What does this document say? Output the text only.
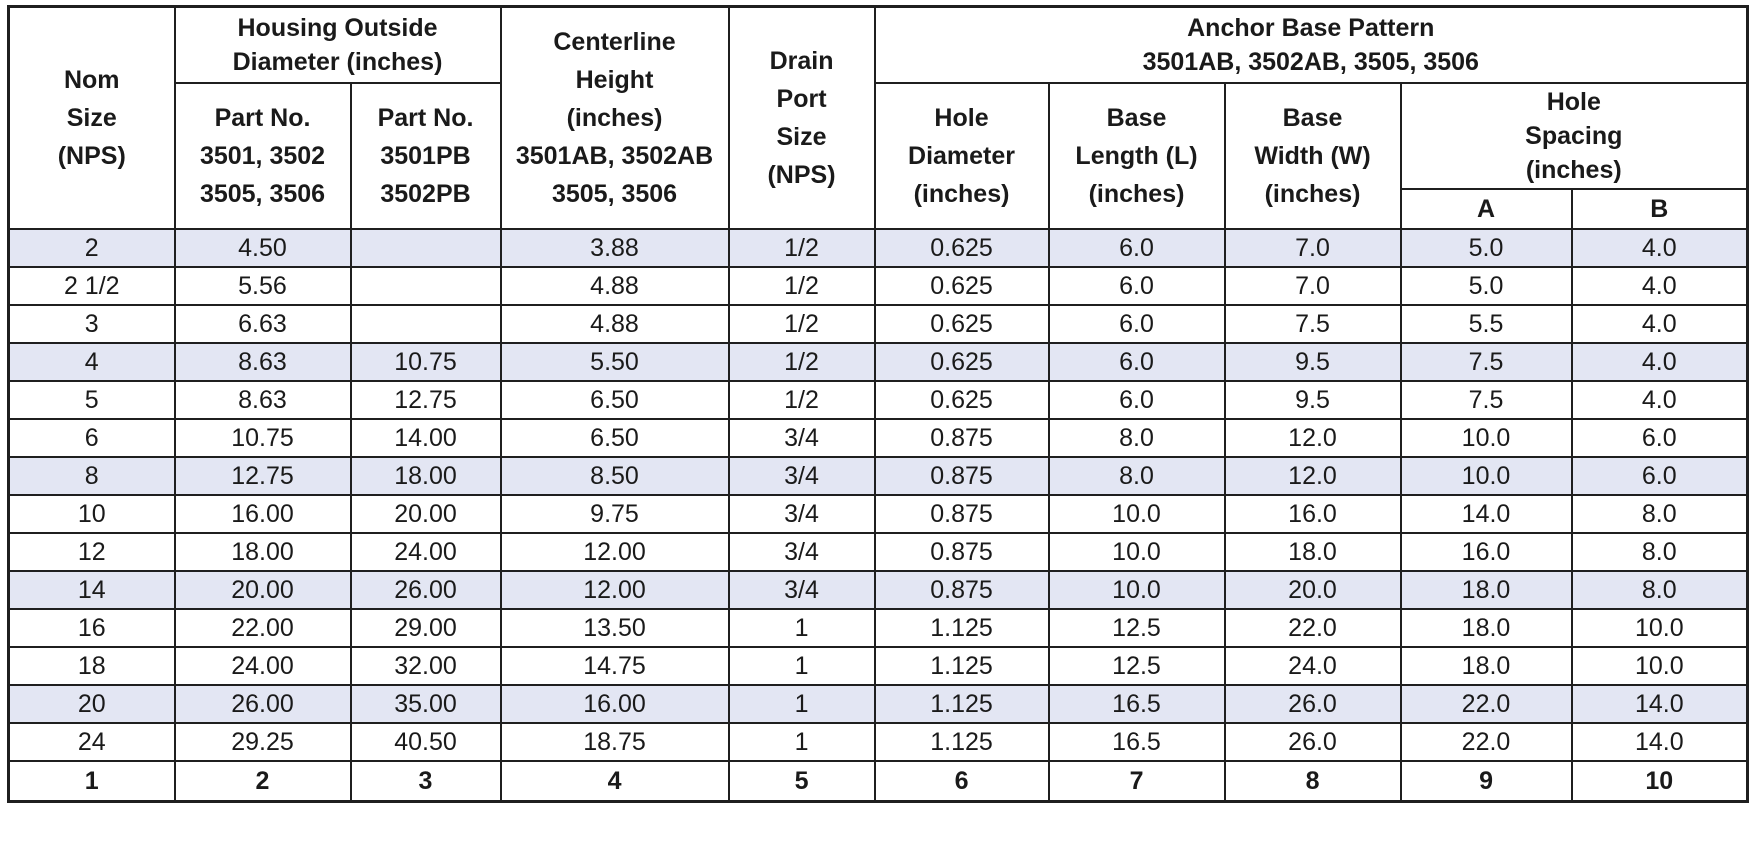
Nom
Size
(NPS)	Housing Outside
Diameter (inches)		Centerline
Height
(inches)
3501AB, 3502AB
3505, 3506	Drain
Port
Size
(NPS)	Anchor Base Pattern
3501AB, 3502AB, 3505, 3506				

	Part No.
3501, 3502
3505, 3506	Part No.
3501PB
3502PB			Hole
Diameter
(inches)	Base
Length (L)
(inches)	Base
Width (W)
(inches)	Hole
Spacing
(inches)	

								A	B
2	4.50		3.88	1/2	0.625	6.0	7.0	5.0	4.0
2 1/2	5.56		4.88	1/2	0.625	6.0	7.0	5.0	4.0
3	6.63		4.88	1/2	0.625	6.0	7.5	5.5	4.0
4	8.63	10.75	5.50	1/2	0.625	6.0	9.5	7.5	4.0
5	8.63	12.75	6.50	1/2	0.625	6.0	9.5	7.5	4.0
6	10.75	14.00	6.50	3/4	0.875	8.0	12.0	10.0	6.0
8	12.75	18.00	8.50	3/4	0.875	8.0	12.0	10.0	6.0
10	16.00	20.00	9.75	3/4	0.875	10.0	16.0	14.0	8.0
12	18.00	24.00	12.00	3/4	0.875	10.0	18.0	16.0	8.0
14	20.00	26.00	12.00	3/4	0.875	10.0	20.0	18.0	8.0
16	22.00	29.00	13.50	1	1.125	12.5	22.0	18.0	10.0
18	24.00	32.00	14.75	1	1.125	12.5	24.0	18.0	10.0
20	26.00	35.00	16.00	1	1.125	16.5	26.0	22.0	14.0
24	29.25	40.50	18.75	1	1.125	16.5	26.0	22.0	14.0
1	2	3	4	5	6	7	8	9	10
